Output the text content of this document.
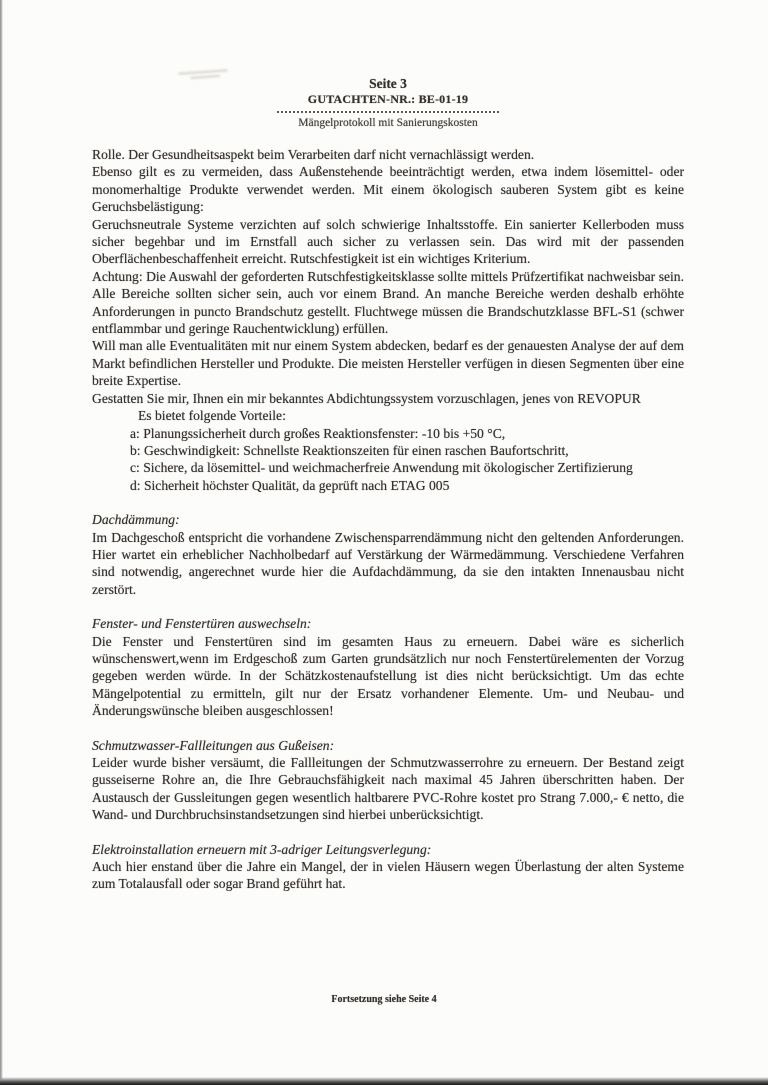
Seite 3
GUTACHTEN-NR.: BE-01-19
Mängelprotokoll mit Sanierungskosten

Rolle. Der Gesundheitsaspekt beim Verarbeiten darf nicht vernachlässigt werden.

Ebenso gilt es zu vermeiden, dass Außenstehende beeinträchtigt werden, etwa indem lösemittel- oder monomerhaltige Produkte verwendet werden. Mit einem ökologisch sauberen System gibt es keine Geruchsbelästigung:

Geruchsneutrale Systeme verzichten auf solch schwierige Inhaltsstoffe. Ein sanierter Kellerboden muss sicher begehbar und im Ernstfall auch sicher zu verlassen sein. Das wird mit der passenden Oberflächenbeschaffenheit erreicht. Rutschfestigkeit ist ein wichtiges Kriterium.

Achtung: Die Auswahl der geforderten Rutschfestigkeitsklasse sollte mittels Prüfzertifikat nachweisbar sein. Alle Bereiche sollten sicher sein, auch vor einem Brand. An manche Bereiche werden deshalb erhöhte Anforderungen in puncto Brandschutz gestellt. Fluchtwege müssen die Brandschutzklasse BFL-S1 (schwer entflammbar und geringe Rauchentwicklung) erfüllen.

Will man alle Eventualitäten mit nur einem System abdecken, bedarf es der genauesten Analyse der auf dem Markt befindlichen Hersteller und Produkte. Die meisten Hersteller verfügen in diesen Segmenten über eine breite Expertise.

Gestatten Sie mir, Ihnen ein mir bekanntes Abdichtungssystem vorzuschlagen, jenes von REVOPUR

Es bietet folgende Vorteile:

a: Planungssicherheit durch großes Reaktionsfenster: -10 bis +50 °C,

b: Geschwindigkeit: Schnellste Reaktionszeiten für einen raschen Baufortschritt,

c: Sichere, da lösemittel- und weichmacherfreie Anwendung mit ökologischer Zertifizierung

d: Sicherheit höchster Qualität, da geprüft nach ETAG 005

Dachdämmung:

Im Dachgeschoß entspricht die vorhandene Zwischensparrendämmung nicht den geltenden Anforderungen. Hier wartet ein erheblicher Nachholbedarf auf Verstärkung der Wärmedämmung. Verschiedene Verfahren sind notwendig, angerechnet wurde hier die Aufdachdämmung, da sie den intakten Innenausbau nicht zerstört.

Fenster- und Fenstertüren auswechseln:

Die Fenster und Fenstertüren sind im gesamten Haus zu erneuern. Dabei wäre es sicherlich wünschenswert,wenn im Erdgeschoß zum Garten grundsätzlich nur noch Fenstertürelementen der Vorzug gegeben werden würde. In der Schätzkostenaufstellung ist dies nicht berücksichtigt. Um das echte Mängelpotential zu ermitteln, gilt nur der Ersatz vorhandener Elemente. Um- und Neubau- und Änderungswünsche bleiben ausgeschlossen!

Schmutzwasser-Fallleitungen aus Gußeisen:

Leider wurde bisher versäumt, die Fallleitungen der Schmutzwasserrohre zu erneuern. Der Bestand zeigt gusseiserne Rohre an, die Ihre Gebrauchsfähigkeit nach maximal 45 Jahren überschritten haben. Der Austausch der Gussleitungen gegen wesentlich haltbarere PVC-Rohre kostet pro Strang 7.000,- € netto, die Wand- und Durchbruchsinstandsetzungen sind hierbei unberücksichtigt.

Elektroinstallation erneuern mit 3-adriger Leitungsverlegung:

Auch hier enstand über die Jahre ein Mangel, der in vielen Häusern wegen Überlastung der alten Systeme zum Totalausfall oder sogar Brand geführt hat.

Fortsetzung siehe Seite 4
